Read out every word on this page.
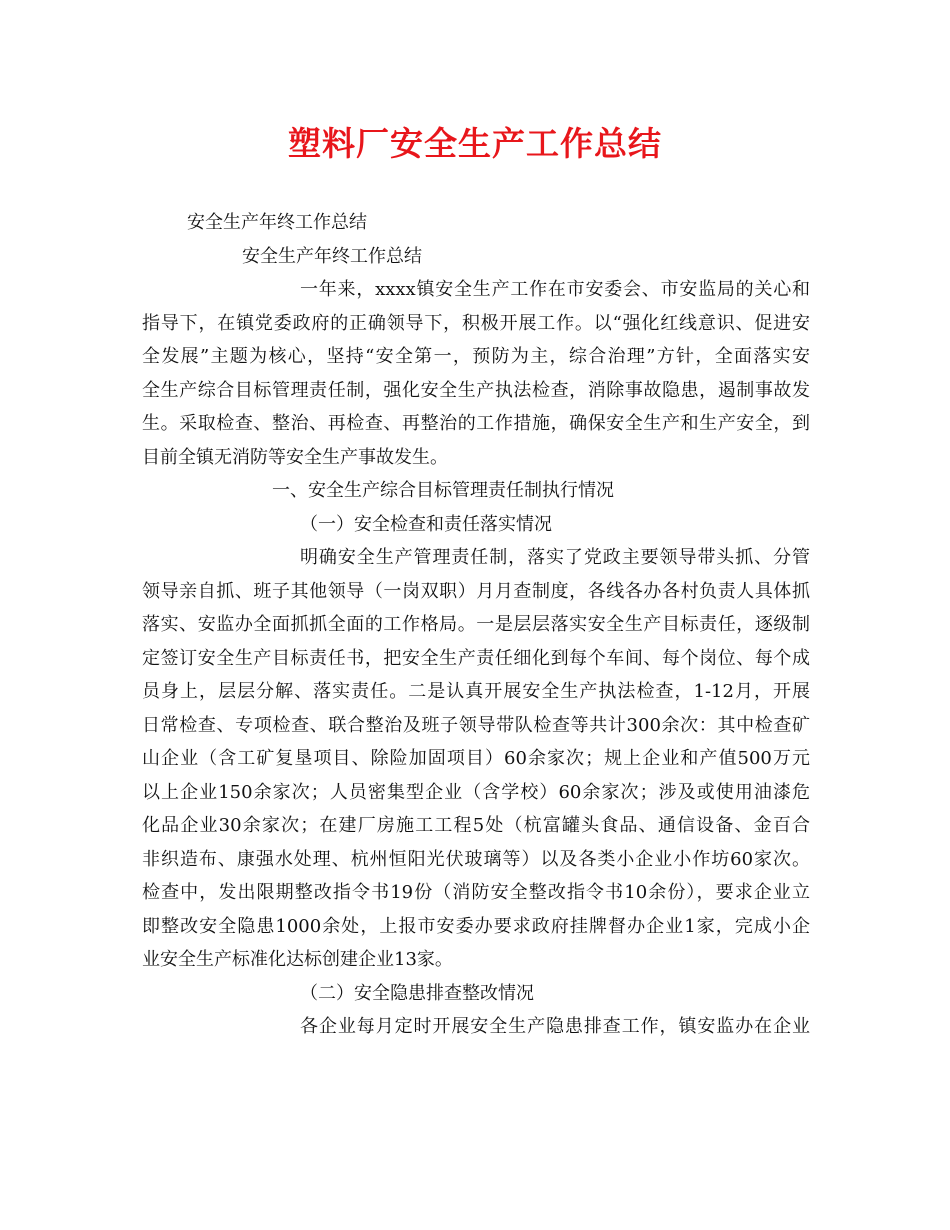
塑料厂安全生产工作总结
安全生产年终工作总结
安全生产年终工作总结
一年来，xxxx镇安全生产工作在市安委会、市安监局的关心和
指导下，在镇党委政府的正确领导下，积极开展工作。以“强化红线意识、促进安
全发展”主题为核心，坚持“安全第一，预防为主，综合治理”方针，全面落实安
全生产综合目标管理责任制，强化安全生产执法检查，消除事故隐患，遏制事故发
生。采取检查、整治、再检查、再整治的工作措施，确保安全生产和生产安全，到
目前全镇无消防等安全生产事故发生。
一、安全生产综合目标管理责任制执行情况
（一）安全检查和责任落实情况
明确安全生产管理责任制，落实了党政主要领导带头抓、分管
领导亲自抓、班子其他领导（一岗双职）月月查制度，各线各办各村负责人具体抓
落实、安监办全面抓抓全面的工作格局。一是层层落实安全生产目标责任，逐级制
定签订安全生产目标责任书，把安全生产责任细化到每个车间、每个岗位、每个成
员身上，层层分解、落实责任。二是认真开展安全生产执法检查，1-12月，开展
日常检查、专项检查、联合整治及班子领导带队检查等共计300余次：其中检查矿
山企业（含工矿复垦项目、除险加固项目）60余家次；规上企业和产值500万元
以上企业150余家次；人员密集型企业（含学校）60余家次；涉及或使用油漆危
化品企业30余家次；在建厂房施工工程5处（杭富罐头食品、通信设备、金百合
非织造布、康强水处理、杭州恒阳光伏玻璃等）以及各类小企业小作坊60家次。
检查中，发出限期整改指令书19份（消防安全整改指令书10余份），要求企业立
即整改安全隐患1000余处，上报市安委办要求政府挂牌督办企业1家，完成小企
业安全生产标准化达标创建企业13家。
（二）安全隐患排查整改情况
各企业每月定时开展安全生产隐患排查工作，镇安监办在企业
